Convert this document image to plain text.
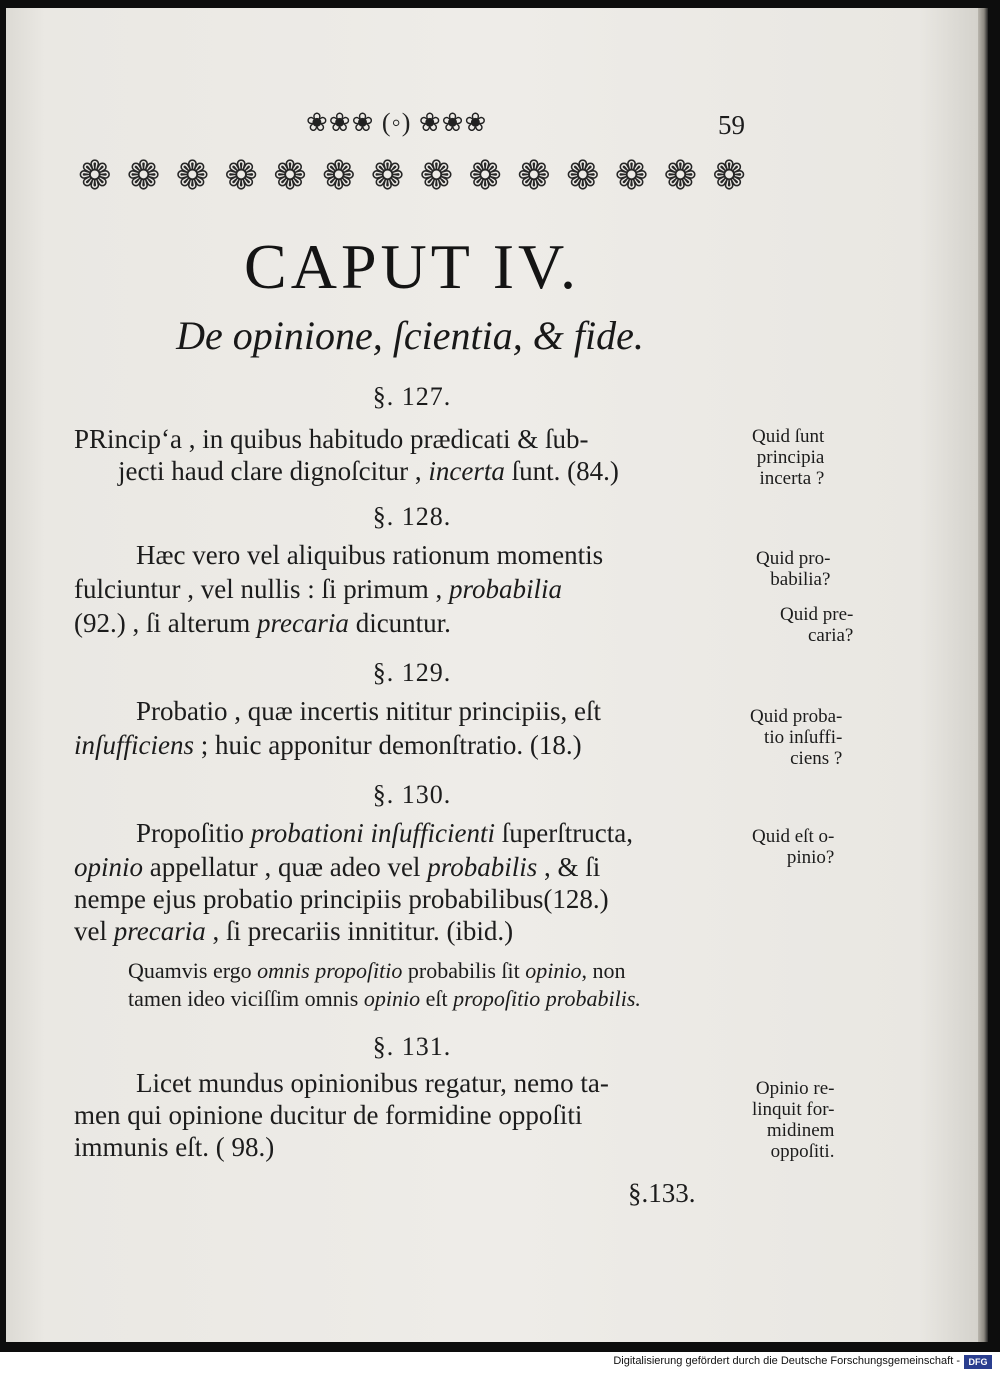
❀❀❀ (◦) ❀❀❀	59
❁ ❁ ❁ ❁ ❁ ❁ ❁ ❁ ❁ ❁ ❁ ❁ ❁ ❁
CAPUT IV.
De opinione, ſcientia, & fide.
§. 127.
PRincipʻa , in quibus habitudo prædicati & ſub-
jecti haud clare dignoſcitur , incerta ſunt. (84.)
Quid ſunt
principia
incerta ?
§. 128.
Hæc vero vel aliquibus rationum momentis
fulciuntur , vel nullis : ſi primum , probabilia
(92.) , ſi alterum precaria dicuntur.
Quid pro-
babilia?
Quid pre-
caria?
§. 129.
Probatio , quæ incertis nititur principiis, eſt
inſufficiens ; huic apponitur demonſtratio. (18.)
Quid proba-
tio inſuffi-
ciens ?
§. 130.
Propoſitio probationi inſufficienti ſuperſtructa,
opinio appellatur , quæ adeo vel probabilis , & ſi
nempe ejus probatio principiis probabilibus(128.)
vel precaria , ſi precariis innititur. (ibid.)
Quamvis ergo omnis propoſitio probabilis ſit opinio, non
tamen ideo viciſſim omnis opinio eſt propoſitio probabilis.
Quid eſt o-
pinio?
§. 131.
Licet mundus opinionibus regatur, nemo ta-
men qui opinione ducitur de formidine oppoſiti
immunis eſt. ( 98.)
Opinio re-
linquit for-
midinem
oppoſiti.
§.133.
Digitalisierung gefördert durch die Deutsche Forschungsgemeinschaft - DFG
